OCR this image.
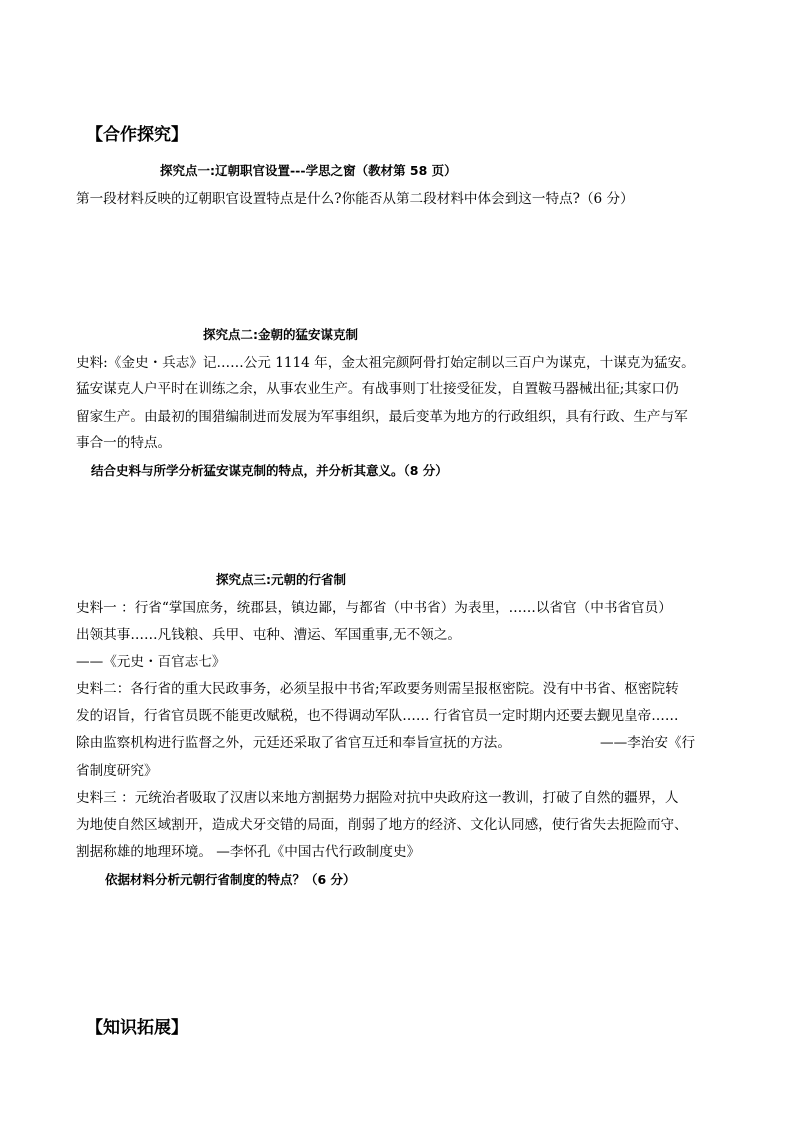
【合作探究】
探究点一:辽朝职官设置---学思之窗（教材第 58 页）
第一段材料反映的辽朝职官设置特点是什么?你能否从第二段材料中体会到这一特点?（6 分）
探究点二:金朝的猛安谋克制
史料:《金史・兵志》记……公元 1114 年，金太祖完颜阿骨打始定制以三百户为谋克，十谋克为猛安。
猛安谋克人户平时在训练之余，从事农业生产。有战事则丁壮接受征发，自置鞍马器械出征;其家口仍
留家生产。由最初的围猎编制进而发展为军事组织，最后变革为地方的行政组织，具有行政、生产与军
事合一的特点。
结合史料与所学分析猛安谋克制的特点，并分析其意义。（8 分）
探究点三:元朝的行省制
史料一 ：行省“掌国庶务，统郡县，镇边鄙，与都省（中书省）为表里，……以省官（中书省官员）
出领其事……凡钱粮、兵甲、屯种、漕运、军国重事,无不领之。
——《元史・百官志七》
史料二：各行省的重大民政事务，必须呈报中书省;军政要务则需呈报枢密院。没有中书省、枢密院转
发的诏旨，行省官员既不能更改赋税，也不得调动军队…… 行省官员一定时期内还要去觐见皇帝……
除由监察机构进行监督之外，元廷还采取了省官互迁和奉旨宣抚的方法。	——李治安《行
省制度研究》
史料三 ：元统治者吸取了汉唐以来地方割据势力据险对抗中央政府这一教训，打破了自然的疆界，人
为地使自然区域割开，造成犬牙交错的局面，削弱了地方的经济、文化认同感，使行省失去扼险而守、
割据称雄的地理环境。 —李怀孔《中国古代行政制度史》
依据材料分析元朝行省制度的特点？（6 分）
【知识拓展】
